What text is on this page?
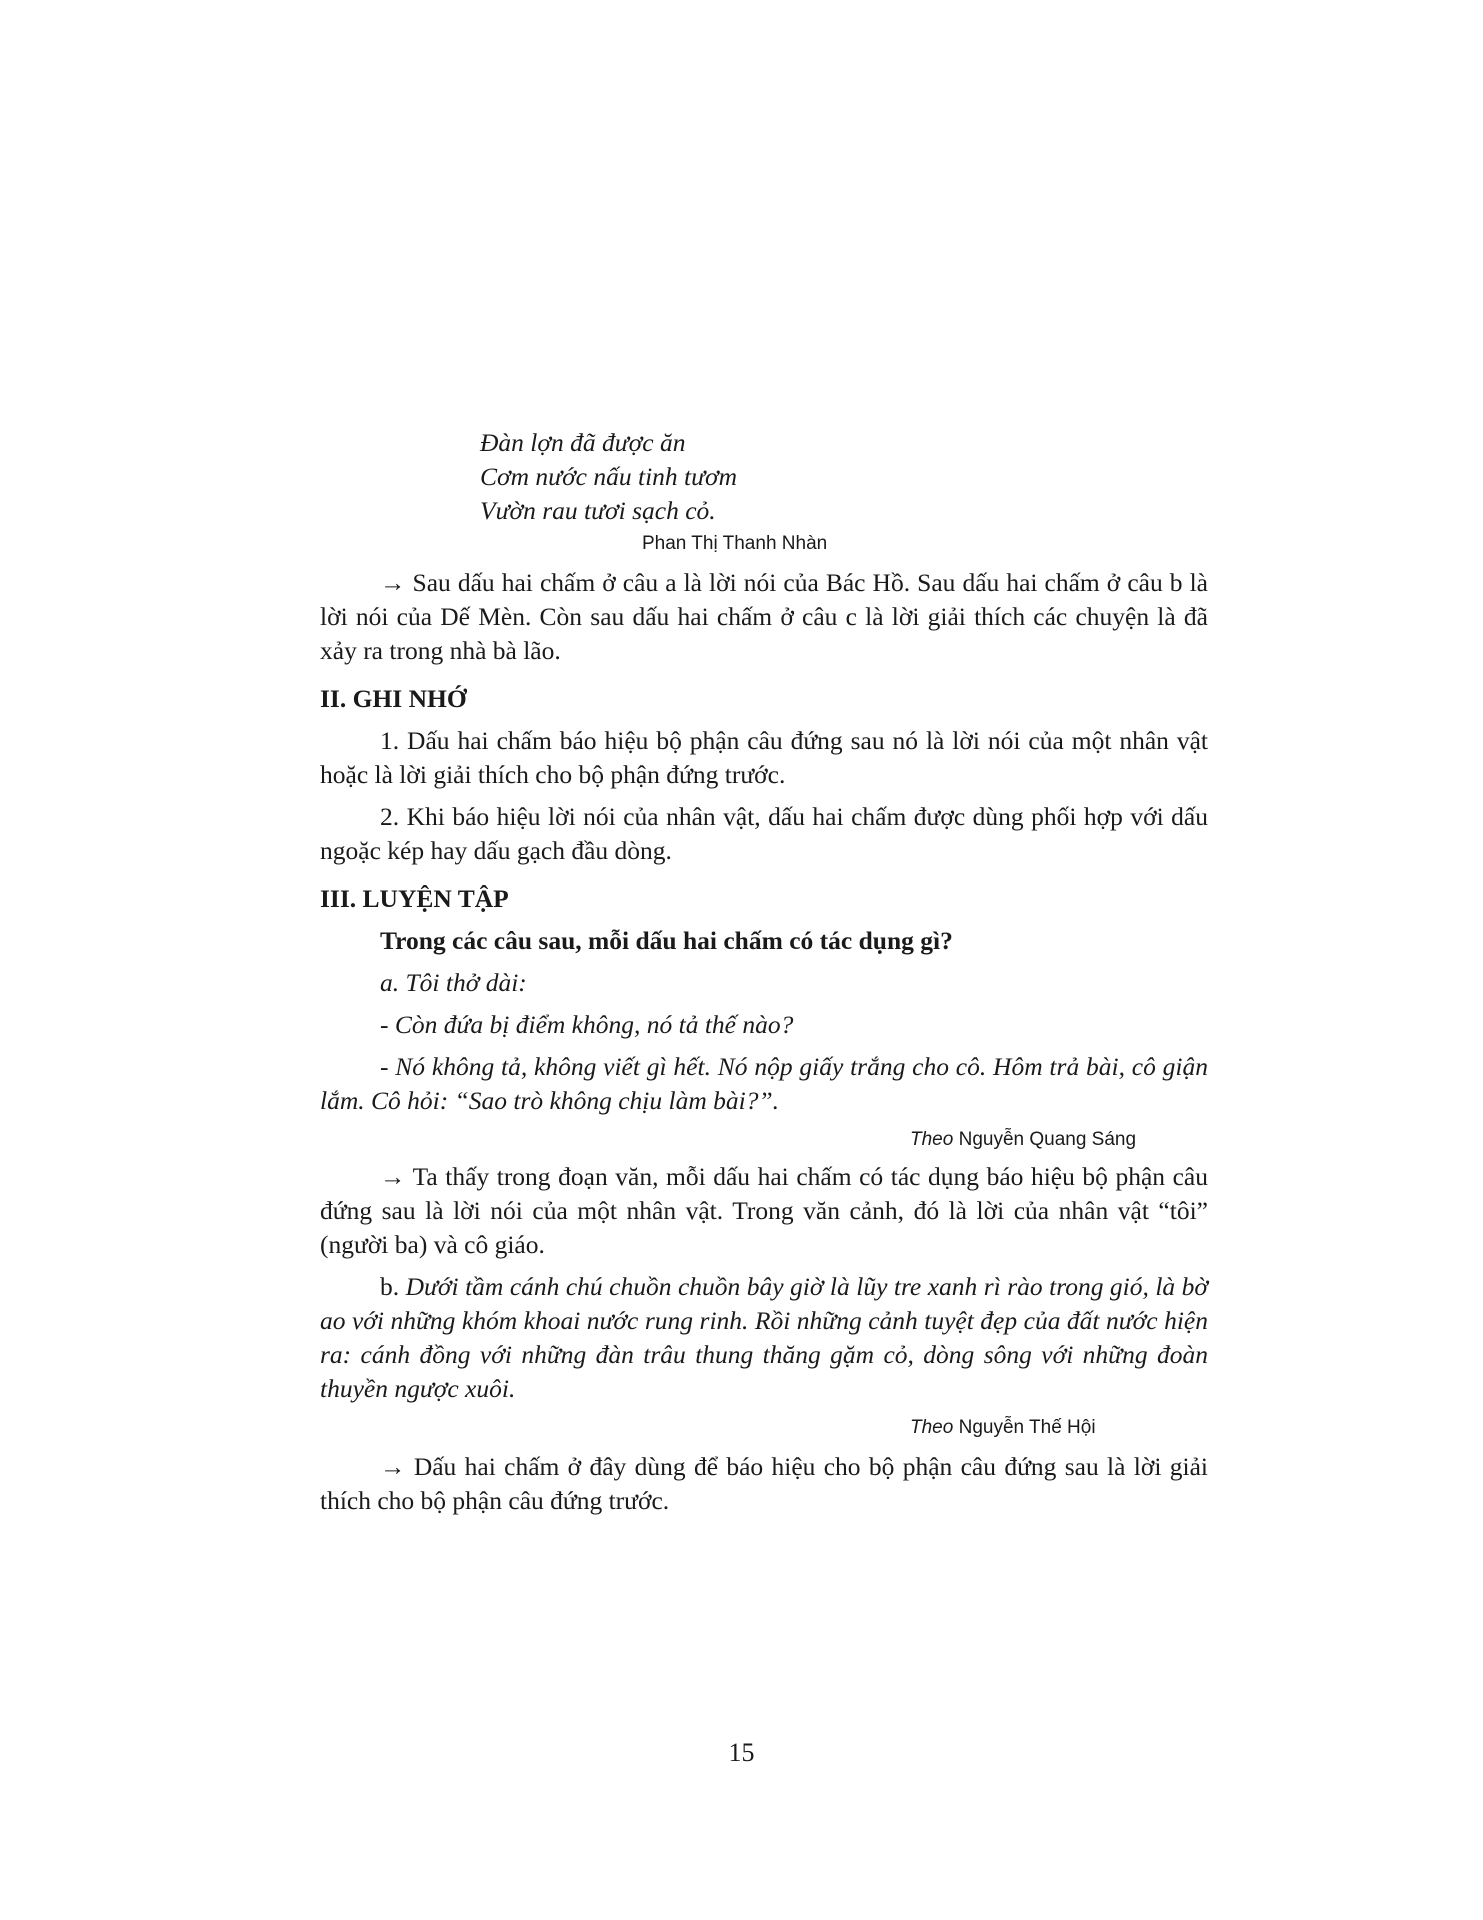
Đàn lợn đã được ăn
Cơm nước nấu tinh tươm
Vườn rau tươi sạch cỏ.
Phan Thị Thanh Nhàn

→ Sau dấu hai chấm ở câu a là lời nói của Bác Hồ. Sau dấu hai chấm ở câu b là lời nói của Dế Mèn. Còn sau dấu hai chấm ở câu c là lời giải thích các chuyện là đã xảy ra trong nhà bà lão.

II. GHI NHỚ

1. Dấu hai chấm báo hiệu bộ phận câu đứng sau nó là lời nói của một nhân vật hoặc là lời giải thích cho bộ phận đứng trước.

2. Khi báo hiệu lời nói của nhân vật, dấu hai chấm được dùng phối hợp với dấu ngoặc kép hay dấu gạch đầu dòng.

III. LUYỆN TẬP
Trong các câu sau, mỗi dấu hai chấm có tác dụng gì?
a. Tôi thở dài:
- Còn đứa bị điểm không, nó tả thế nào?

- Nó không tả, không viết gì hết. Nó nộp giấy trắng cho cô. Hôm trả bài, cô giận lắm. Cô hỏi: “Sao trò không chịu làm bài?”.

Theo Nguyễn Quang Sáng

→ Ta thấy trong đoạn văn, mỗi dấu hai chấm có tác dụng báo hiệu bộ phận câu đứng sau là lời nói của một nhân vật. Trong văn cảnh, đó là lời của nhân vật “tôi” (người ba) và cô giáo.

b. Dưới tầm cánh chú chuồn chuồn bây giờ là lũy tre xanh rì rào trong gió, là bờ ao với những khóm khoai nước rung rinh. Rồi những cảnh tuyệt đẹp của đất nước hiện ra: cánh đồng với những đàn trâu thung thăng gặm cỏ, dòng sông với những đoàn thuyền ngược xuôi.

Theo Nguyễn Thế Hội

→ Dấu hai chấm ở đây dùng để báo hiệu cho bộ phận câu đứng sau là lời giải thích cho bộ phận câu đứng trước.

15
